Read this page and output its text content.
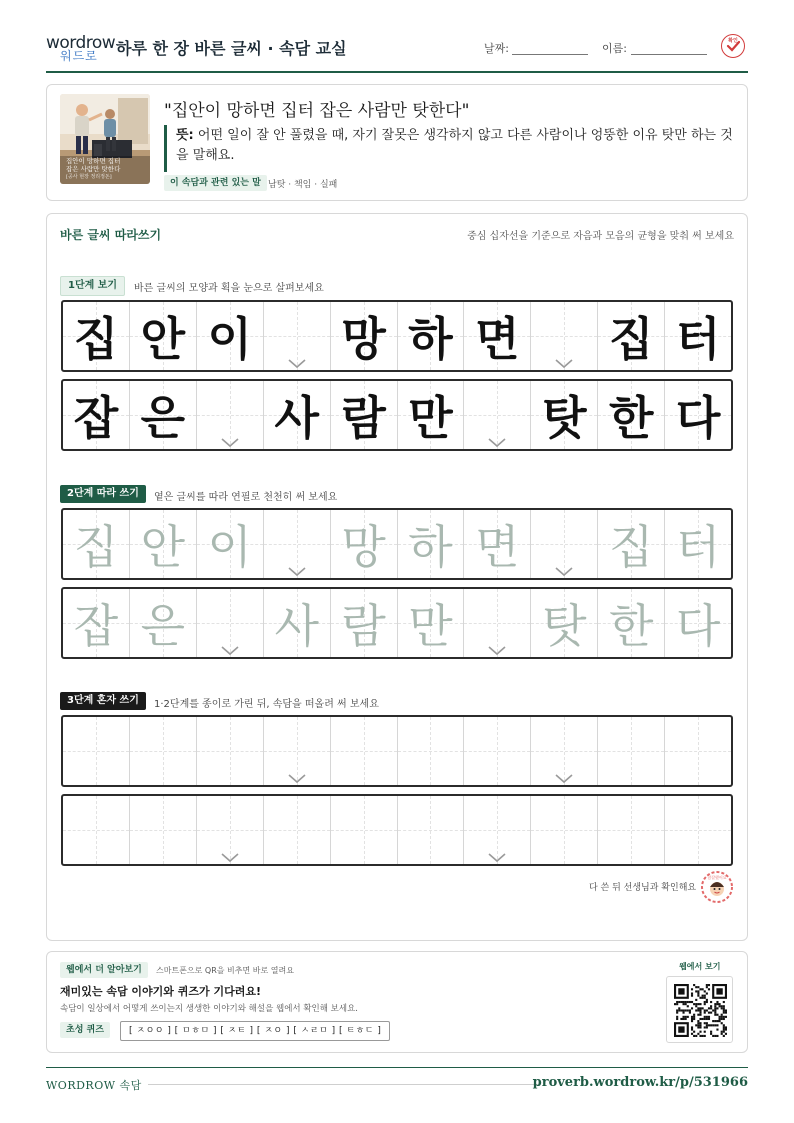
wordrow
워드로 하루 한 장 바른 글씨 · 속담 교실	날짜:	이름:
확인
집안이 망하면 집터
잡은 사람만 탓한다
[공사 현장 정리정돈]
"집안이 망하면 집터 잡은 사람만 탓한다"
뜻: 어떤 일이 잘 안 풀렸을 때, 자기 잘못은 생각하지 않고 다른 사람이나 엉뚱한 이유 탓만 하는 것을 말해요.
이 속담과 관련 있는 말 남탓 · 책임 · 실패
바른 글씨 따라쓰기	중심 십자선을 기준으로 자음과 모음의 균형을 맞춰 써 보세요
1단계 보기	바른 글씨의 모양과 획을 눈으로 살펴보세요
집 안 이 망 하 면 집 터
잡 은 사 람 만 탓 한 다
2단계 따라 쓰기	옅은 글씨를 따라 연필로 천천히 써 보세요
집 안 이 망 하 면 집 터
잡 은 사 람 만 탓 한 다
3단계 혼자 쓰기	1·2단계를 종이로 가린 뒤, 속담을 떠올려 써 보세요
다 쓴 뒤 선생님과 확인해요
참잘했어요
웹에서 더 알아보기	스마트폰으로 QR을 비추면 바로 열려요
재미있는 속담 이야기와 퀴즈가 기다려요!
속담이 일상에서 어떻게 쓰이는지 생생한 이야기와 해설을 웹에서 확인해 보세요.
초성 퀴즈	[ ㅈㅇㅇ ] [ ㅁㅎㅁ ] [ ㅈㅌ ] [ ㅈㅇ ] [ ㅅㄹㅁ ] [ ㅌㅎㄷ ]
웹에서 보기
WORDROW 속담	proverb.wordrow.kr/p/531966
